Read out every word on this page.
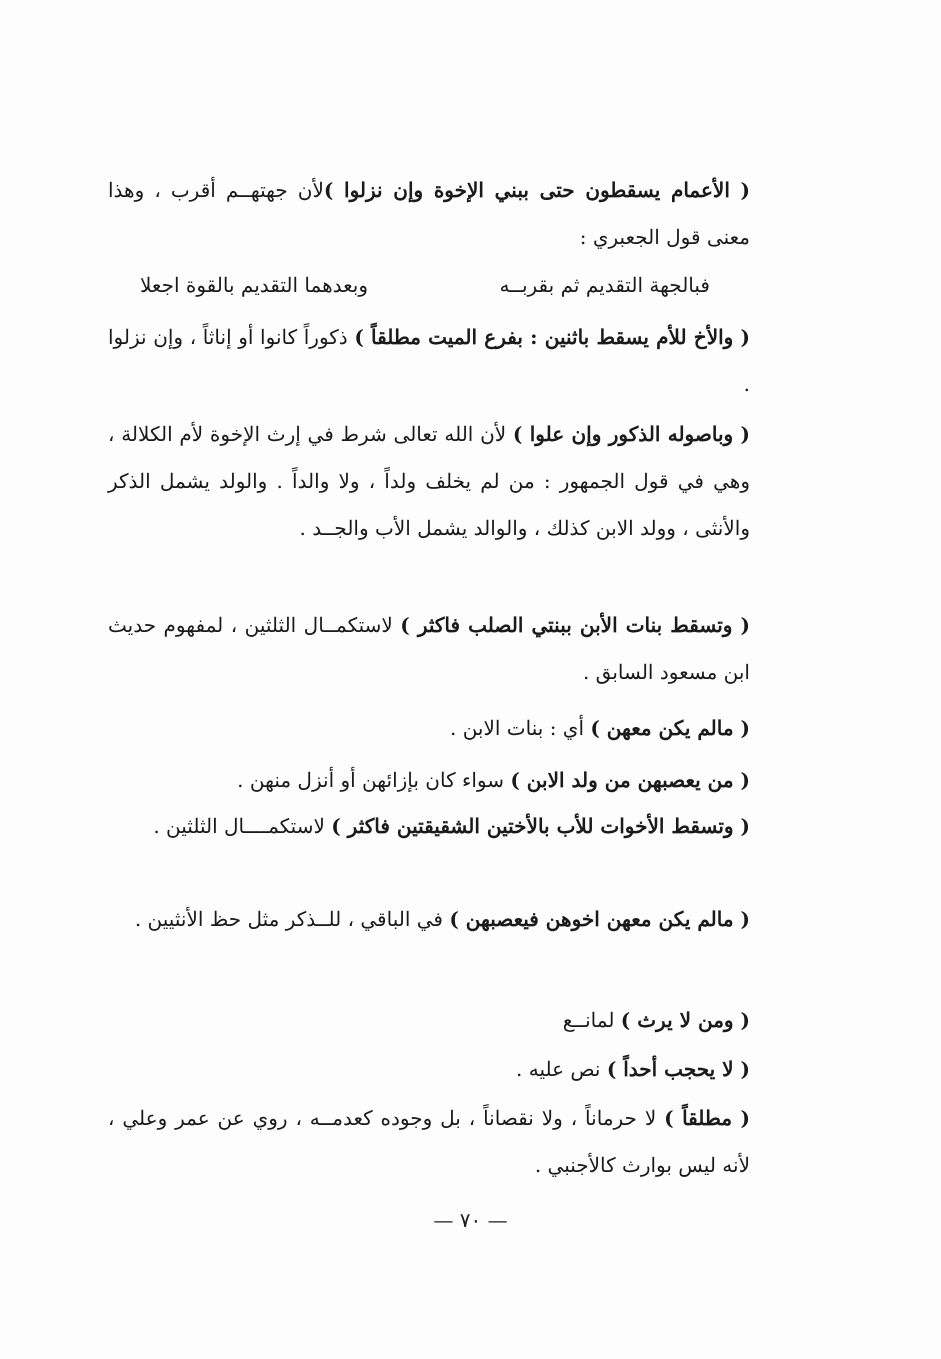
( الأعمام يسقطون حتى ببني الإخوة وإن نزلوا )لأن جهتهــم أقرب ، وهذا معنى قول الجعبري :

فبالجهة التقديم ثم بقربــه
وبعدهما التقديم بالقوة اجعلا

( والأخ للأم يسقط باثنين : بفرع الميت مطلقاً ) ذكوراً كانوا أو إناثاً ، وإن نزلوا .

( وباصوله الذكور وإن علوا ) لأن الله تعالى شرط في إرث الإخوة لأم الكلالة ، وهي في قول الجمهور : من لم يخلف ولداً ، ولا والداً . والولد يشمل الذكر والأنثى ، وولد الابن كذلك ، والوالد يشمل الأب والجــد .

( وتسقط بنات الأبن ببنتي الصلب فاكثر ) لاستكمــال الثلثين ، لمفهوم حديث ابن مسعود السابق .

( مالم يكن معهن ) أي : بنات الابن .

( من يعصبهن من ولد الابن ) سواء كان بإزائهن أو أنزل منهن .

( وتسقط الأخوات للأب بالأختين الشقيقتين فاكثر ) لاستكمــــال الثلثين .

( مالم يكن معهن اخوهن فيعصبهن ) في الباقي ، للــذكر مثل حظ الأنثيين .

( ومن لا يرث ) لمانــع

( لا يحجب أحداً ) نص عليه .

( مطلقاً ) لا حرماناً ، ولا نقصاناً ، بل وجوده كعدمــه ، روي عن عمر وعلي ، لأنه ليس بوارث كالأجنبي .

— ٧٠ —
